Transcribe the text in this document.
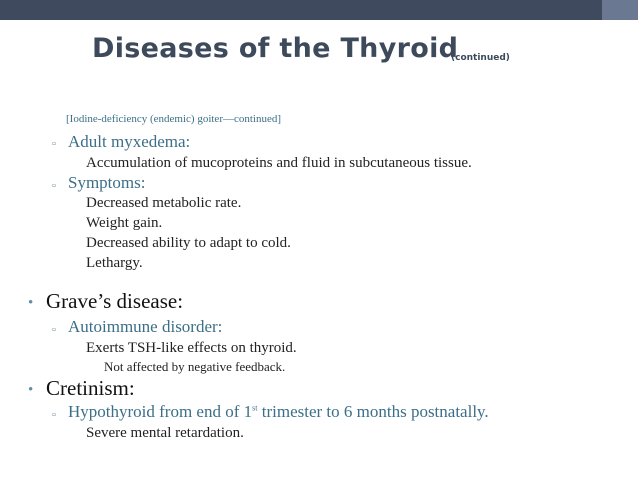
Diseases of the Thyroid
(continued)
[Iodine-deficiency (endemic) goiter—continued]
▫ Adult myxedema:
Accumulation of mucoproteins and fluid in subcutaneous tissue.
▫ Symptoms:
Decreased metabolic rate.
Weight gain.
Decreased ability to adapt to cold.
Lethargy.
• Grave’s disease:
▫ Autoimmune disorder:
Exerts TSH-like effects on thyroid.
Not affected by negative feedback.
• Cretinism:
▫ Hypothyroid from end of 1st trimester to 6 months postnatally.
Severe mental retardation.
